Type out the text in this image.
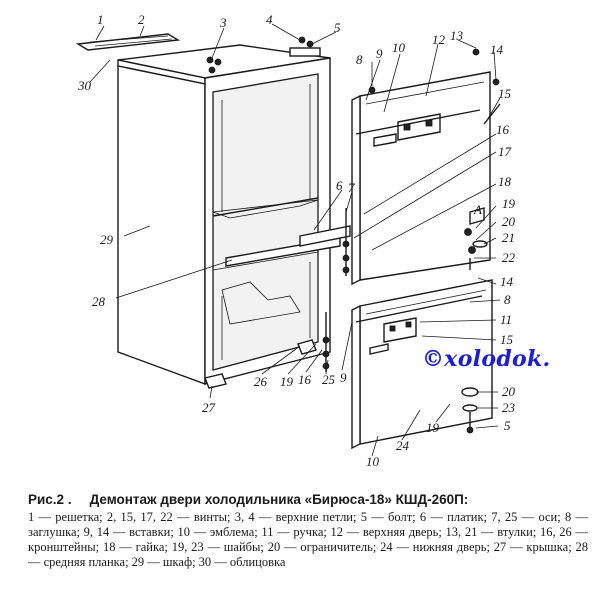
1	2	3	4
5
30
8 9 10
12 13
14
15
16
17
18
19
А
20
21
22
14
8
11
15
20
23
5
19
24
10
6 7
29
28
26 19 16 25 9
27
©xolodok.
Рис.2 . Демонтаж двери холодильника «Бирюса-18» КШД-260П:
1 — решетка; 2, 15, 17, 22 — винты; 3, 4 — верхние петли; 5 — болт; 6 — платик; 7, 25 — оси; 8 — заглушка; 9, 14 — вставки; 10 — эмблема; 11 — ручка; 12 — верхняя дверь; 13, 21 — втулки; 16, 26 — кронштейны; 18 — гайка; 19, 23 — шайбы; 20 — ограничитель; 24 — нижняя дверь; 27 — крышка; 28 — средняя планка; 29 — шкаф; 30 — облицовка
